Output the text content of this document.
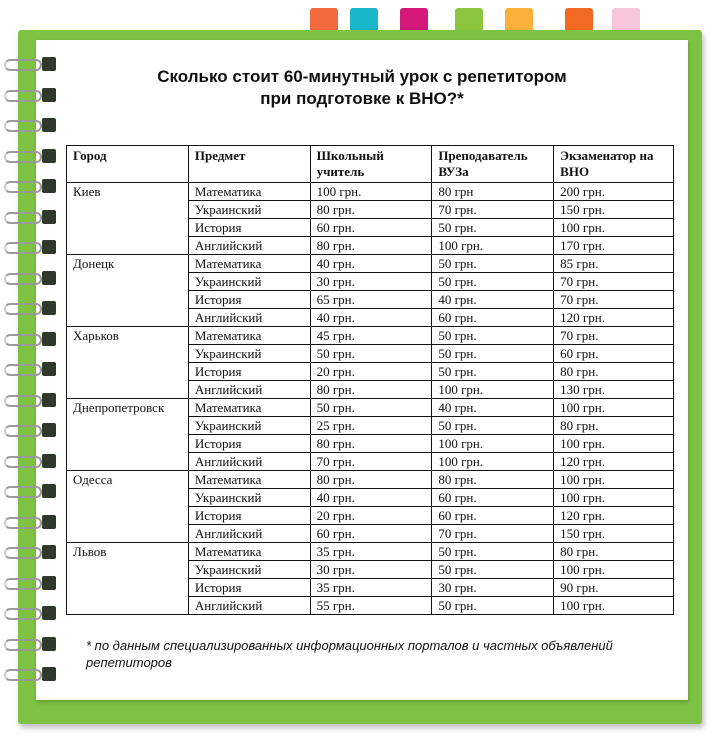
Сколько стоит 60-минутный урок с репетитором
при подготовке к ВНО?*
Город	Предмет	Школьный учитель	Преподаватель ВУЗа	Экзаменатор на ВНО
Киев	Математика	100 грн.	80 грн	200 грн.
	Украинский	80 грн.	70 грн.	150 грн.
	История	60 грн.	50 грн.	100 грн.
	Английский	80 грн.	100 грн.	170 грн.
Донецк	Математика	40 грн.	50 грн.	85 грн.
	Украинский	30 грн.	50 грн.	70 грн.
	История	65 грн.	40 грн.	70 грн.
	Английский	40 грн.	60 грн.	120 грн.
Харьков	Математика	45 грн.	50 грн.	70 грн.
	Украинский	50 грн.	50 грн.	60 грн.
	История	20 грн.	50 грн.	80 грн.
	Английский	80 грн.	100 грн.	130 грн.
Днепропетровск	Математика	50 грн.	40 грн.	100 грн.
	Украинский	25 грн.	50 грн.	80 грн.
	История	80 грн.	100 грн.	100 грн.
	Английский	70 грн.	100 грн.	120 грн.
Одесса	Математика	80 грн.	80 грн.	100 грн.
	Украинский	40 грн.	60 грн.	100 грн.
	История	20 грн.	60 грн.	120 грн.
	Английский	60 грн.	70 грн.	150 грн.
Львов	Математика	35 грн.	50 грн.	80 грн.
	Украинский	30 грн.	50 грн.	100 грн.
	История	35 грн.	30 грн.	90 грн.
	Английский	55 грн.	50 грн.	100 грн.
* по данным специализированных информационных порталов и частных объявлений репетиторов
